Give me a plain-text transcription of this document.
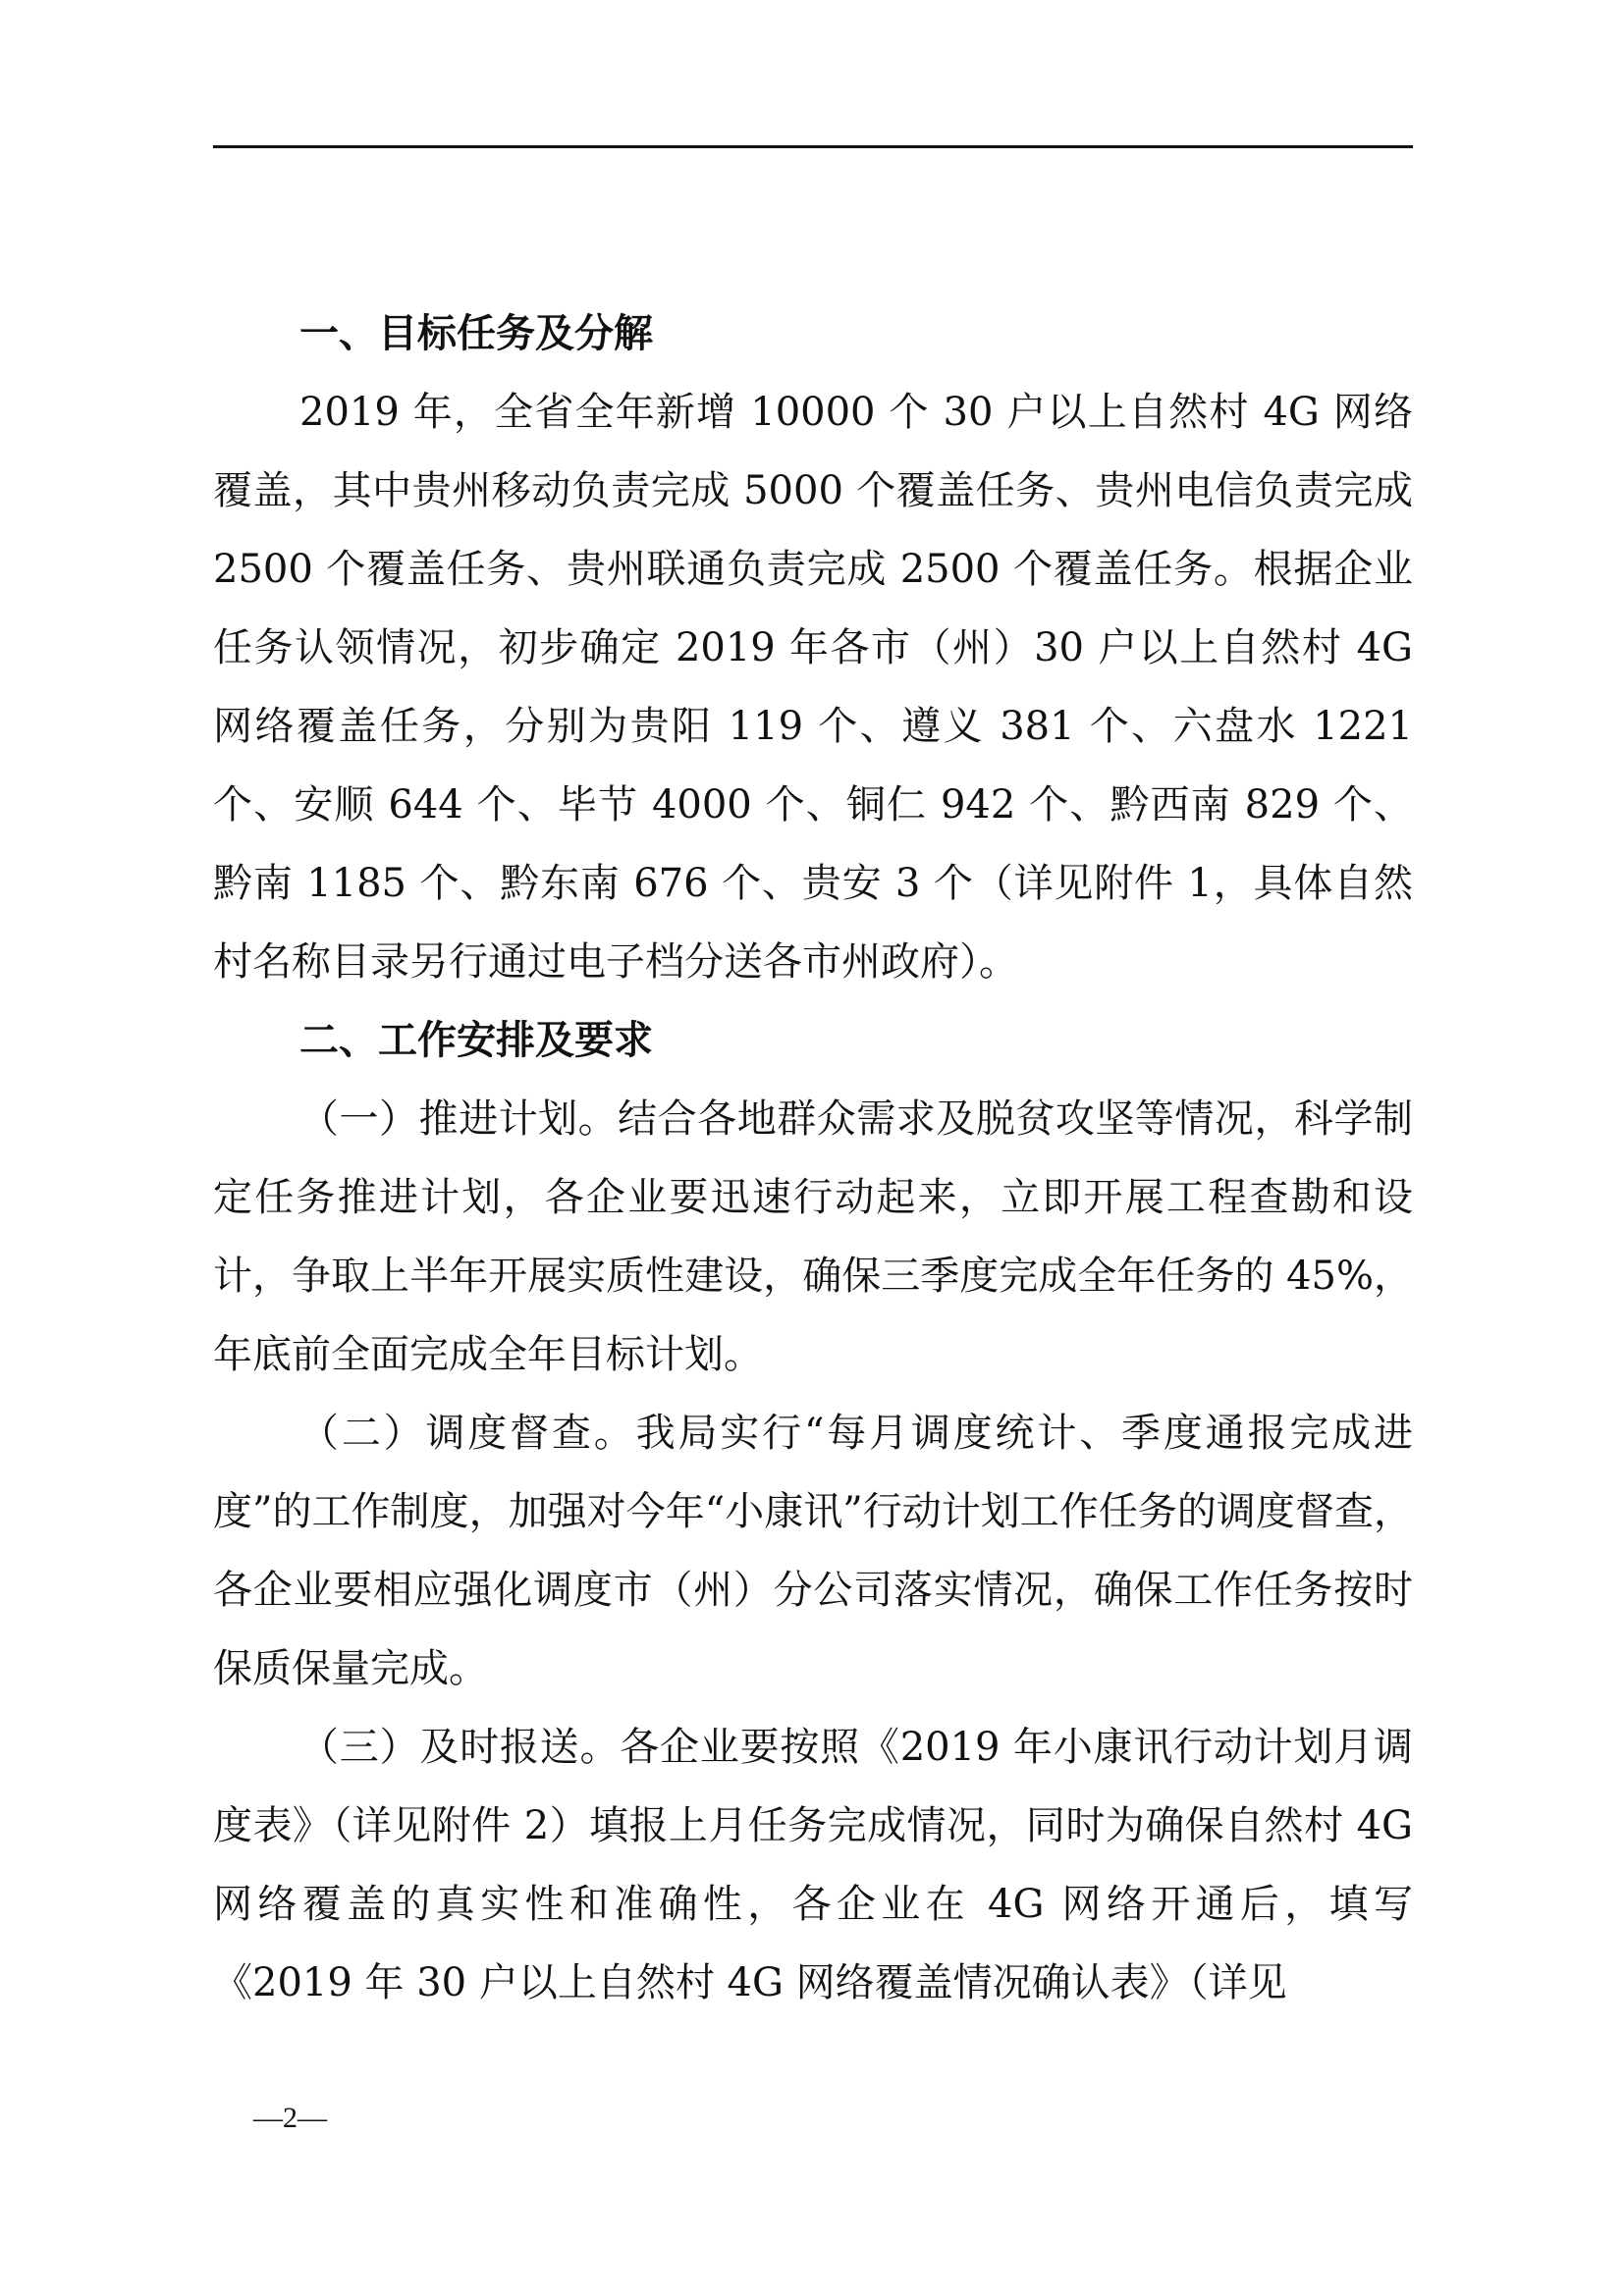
一、目标任务及分解

2019 年，全省全年新增 10000 个 30 户以上自然村 4G 网络覆盖，其中贵州移动负责完成 5000 个覆盖任务、贵州电信负责完成 2500 个覆盖任务、贵州联通负责完成 2500 个覆盖任务。根据企业任务认领情况，初步确定 2019 年各市（州）30 户以上自然村 4G 网络覆盖任务，分别为贵阳 119 个、遵义 381 个、六盘水 1221 个、安顺 644 个、毕节 4000 个、铜仁 942 个、黔西南 829 个、黔南 1185 个、黔东南 676 个、贵安 3 个（详见附件 1，具体自然村名称目录另行通过电子档分送各市州政府）。

二、工作安排及要求

（一）推进计划。结合各地群众需求及脱贫攻坚等情况，科学制定任务推进计划，各企业要迅速行动起来，立即开展工程查勘和设计，争取上半年开展实质性建设，确保三季度完成全年任务的 45%，年底前全面完成全年目标计划。

（二）调度督查。我局实行“每月调度统计、季度通报完成进度”的工作制度，加强对今年“小康讯”行动计划工作任务的调度督查，各企业要相应强化调度市（州）分公司落实情况，确保工作任务按时保质保量完成。

（三）及时报送。各企业要按照《2019 年小康讯行动计划月调度表》（详见附件 2）填报上月任务完成情况，同时为确保自然村 4G 网络覆盖的真实性和准确性，各企业在 4G 网络开通后，填写《2019 年 30 户以上自然村 4G 网络覆盖情况确认表》（详见

—2—
